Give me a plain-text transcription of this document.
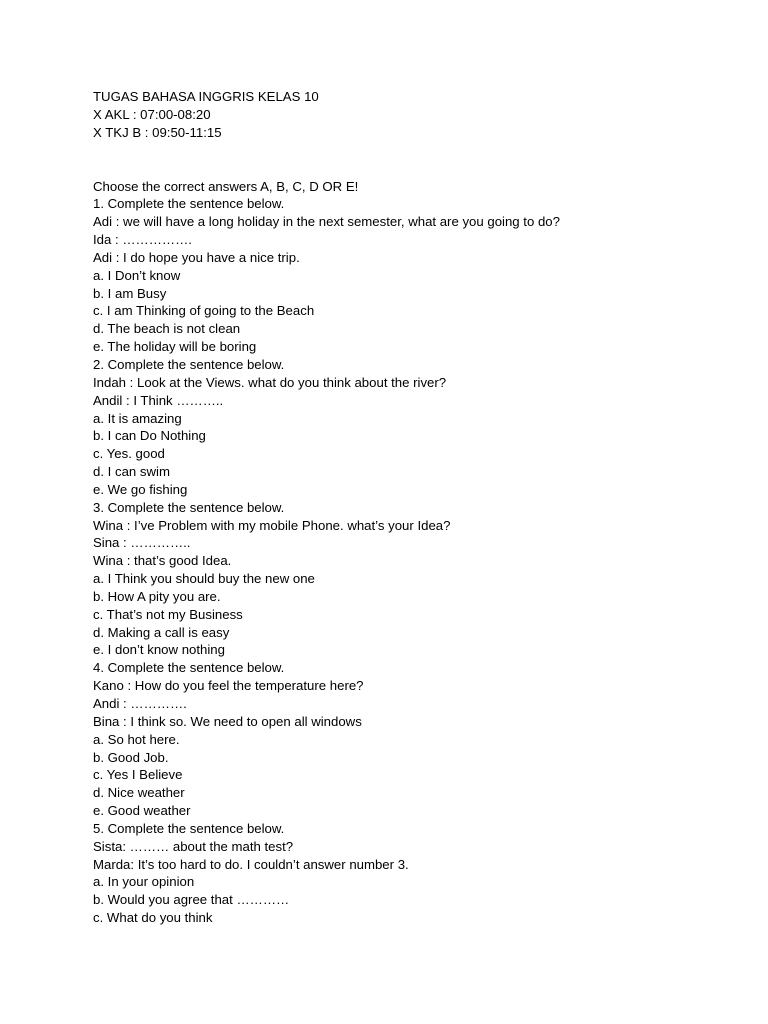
TUGAS BAHASA INGGRIS KELAS 10
X AKL : 07:00-08:20
X TKJ B : 09:50-11:15
Choose the correct answers A, B, C, D OR E!
1. Complete the sentence below.
Adi : we will have a long holiday in the next semester, what are you going to do?
Ida : …………….
Adi : I do hope you have a nice trip.
a. I Don’t know
b. I am Busy
c. I am Thinking of going to the Beach
d. The beach is not clean
e. The holiday will be boring
2. Complete the sentence below.
Indah : Look at the Views. what do you think about the river?
Andil : I Think ………..
a. It is amazing
b. I can Do Nothing
c. Yes. good
d. I can swim
e. We go fishing
3. Complete the sentence below.
Wina : I’ve Problem with my mobile Phone. what’s your Idea?
Sina : …………..
Wina : that’s good Idea.
a. I Think you should buy the new one
b. How A pity you are.
c. That’s not my Business
d. Making a call is easy
e. I don’t know nothing
4. Complete the sentence below.
Kano : How do you feel the temperature here?
Andi : ………….
Bina : I think so. We need to open all windows
a. So hot here.
b. Good Job.
c. Yes I Believe
d. Nice weather
e. Good weather
5. Complete the sentence below.
Sista: ……… about the math test?
Marda: It’s too hard to do. I couldn’t answer number 3.
a. In your opinion
b. Would you agree that …………
c. What do you think
